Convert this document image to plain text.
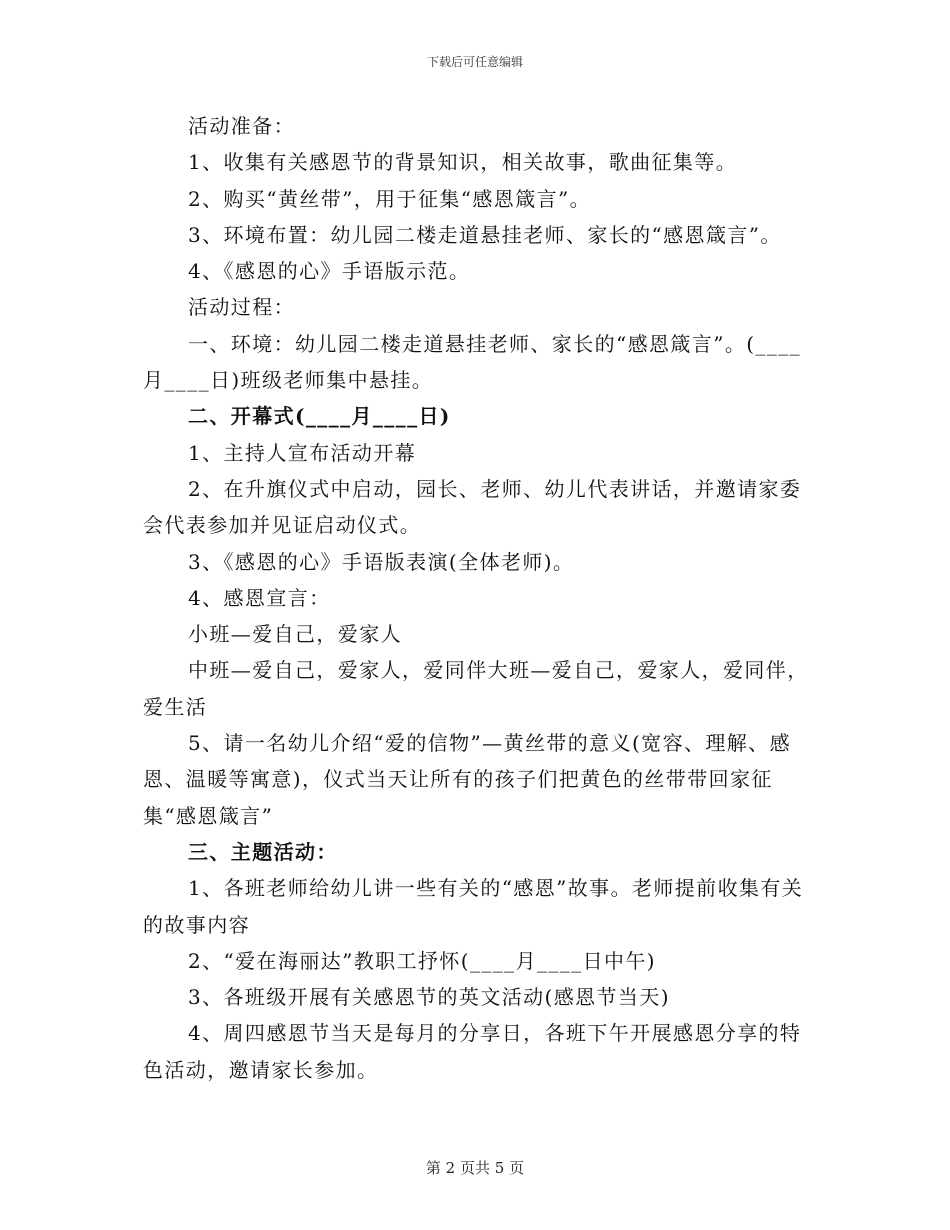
下载后可任意编辑

活动准备：

1、收集有关感恩节的背景知识，相关故事，歌曲征集等。

2、购买“黄丝带”，用于征集“感恩箴言”。

3、环境布置：幼儿园二楼走道悬挂老师、家长的“感恩箴言”。

4、《感恩的心》手语版示范。

活动过程：

一、环境：幼儿园二楼走道悬挂老师、家长的“感恩箴言”。(____月____日)班级老师集中悬挂。

二、开幕式(____月____日)

1、主持人宣布活动开幕

2、在升旗仪式中启动，园长、老师、幼儿代表讲话，并邀请家委会代表参加并见证启动仪式。

3、《感恩的心》手语版表演(全体老师)。

4、感恩宣言：

小班—爱自己，爱家人

中班—爱自己，爱家人，爱同伴大班—爱自己，爱家人，爱同伴，爱生活

5、请一名幼儿介绍“爱的信物”—黄丝带的意义(宽容、理解、感恩、温暖等寓意)，仪式当天让所有的孩子们把黄色的丝带带回家征集“感恩箴言”

三、主题活动：

1、各班老师给幼儿讲一些有关的“感恩”故事。老师提前收集有关的故事内容

2、“爱在海丽达”教职工抒怀(____月____日中午)

3、各班级开展有关感恩节的英文活动(感恩节当天)

4、周四感恩节当天是每月的分享日，各班下午开展感恩分享的特色活动，邀请家长参加。

第 2 页共 5 页
